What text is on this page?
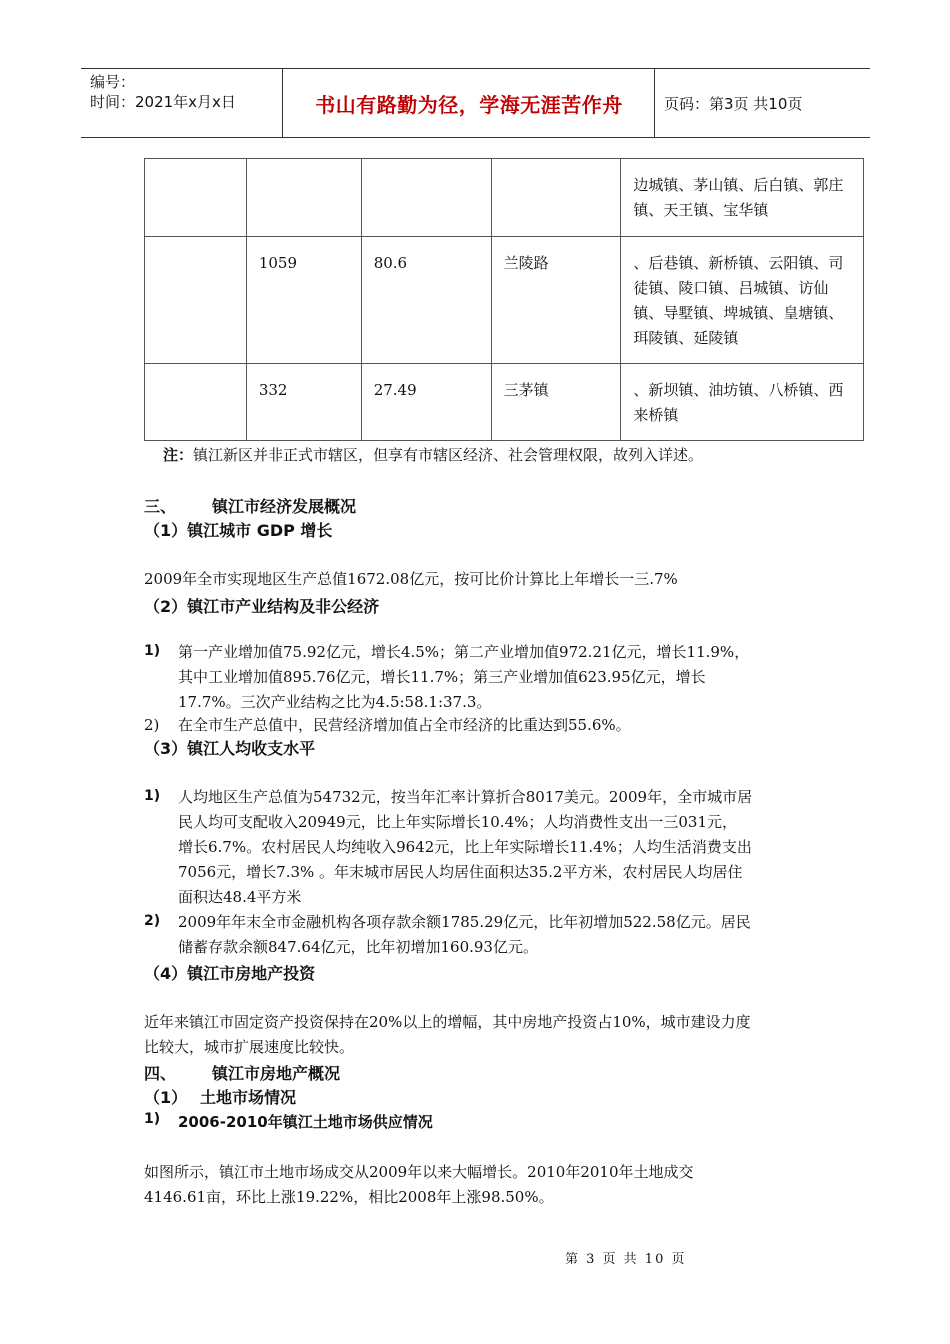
编号：
时间：2021年x月x日	书山有路勤为径，学海无涯苦作舟	页码：第3页 共10页
				边城镇、茅山镇、后白镇、郭庄镇、天王镇、宝华镇
	1059	80.6	兰陵路	、后巷镇、新桥镇、云阳镇、司徒镇、陵口镇、吕城镇、访仙镇、导墅镇、埤城镇、皇塘镇、珥陵镇、延陵镇
	332	27.49	三茅镇	、新坝镇、油坊镇、八桥镇、西来桥镇
注：镇江新区并非正式市辖区，但享有市辖区经济、社会管理权限，故列入详述。
三、 镇江市经济发展概况
（1）镇江城市 GDP 增长
2009年全市实现地区生产总值1672.08亿元，按可比价计算比上年增长一三.7%
（2）镇江市产业结构及非公经济
1) 第一产业增加值75.92亿元，增长4.5%；第二产业增加值972.21亿元，增长11.9%，
其中工业增加值895.76亿元，增长11.7%；第三产业增加值623.95亿元，增长
17.7%。三次产业结构之比为4.5:58.1:37.3。
2) 在全市生产总值中，民营经济增加值占全市经济的比重达到55.6%。
（3）镇江人均收支水平
1) 人均地区生产总值为54732元，按当年汇率计算折合8017美元。2009年，全市城市居
民人均可支配收入20949元，比上年实际增长10.4%；人均消费性支出一三031元，
增长6.7%。农村居民人均纯收入9642元，比上年实际增长11.4%；人均生活消费支出
7056元，增长7.3% 。年末城市居民人均居住面积达35.2平方米，农村居民人均居住
面积达48.4平方米
2) 2009年年末全市金融机构各项存款余额1785.29亿元，比年初增加522.58亿元。居民
储蓄存款余额847.64亿元，比年初增加160.93亿元。
（4）镇江市房地产投资
近年来镇江市固定资产投资保持在20%以上的增幅，其中房地产投资占10%，城市建设力度
比较大，城市扩展速度比较快。
四、 镇江市房地产概况
（1） 土地市场情况
1) 2006-2010年镇江土地市场供应情况
如图所示，镇江市土地市场成交从2009年以来大幅增长。2010年2010年土地成交
4146.61亩，环比上涨19.22%，相比2008年上涨98.50%。
第 3 页 共 10 页
